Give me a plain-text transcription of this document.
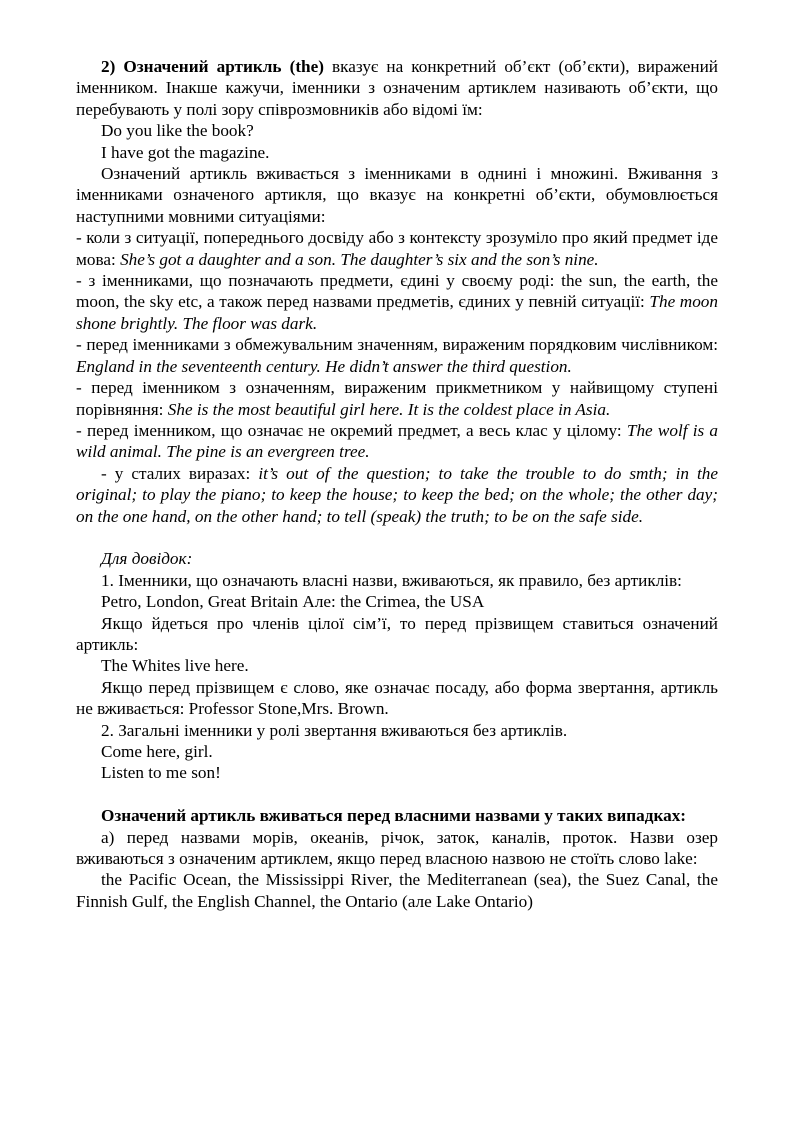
2) Означений артикль (the) вказує на конкретний об’єкт (об’єкти), виражений іменником. Інакше кажучи, іменники з означеним артиклем називають об’єкти, що перебувають у полі зору співрозмовників або відомі їм:

Do you like the book?

I have got the magazine.

Означений артикль вживається з іменниками в однині і множині. Вживання з іменниками означеного артикля, що вказує на конкретні об’єкти, обумовлюється наступними мовними ситуаціями:

- коли з ситуації, попереднього досвіду або з контексту зрозуміло про який предмет іде мова: She’s got a daughter and a son. The daughter’s six and the son’s nine.

- з іменниками, що позначають предмети, єдині у своєму роді: the sun, the earth, the moon, the sky etc, а також перед назвами предметів, єдиних у певній ситуації: The moon shone brightly. The floor was dark.

- перед іменниками з обмежувальним значенням, вираженим порядковим числівником: England in the seventeenth century. He didn’t answer the third question.

- перед іменником з означенням, вираженим прикметником у найвищому ступені порівняння: She is the most beautiful girl here. It is the coldest place in Asia.

- перед іменником, що означає не окремий предмет, а весь клас у цілому: The wolf is a wild animal. The pine is an evergreen tree.

- у сталих виразах: it’s out of the question; to take the trouble to do smth; in the original; to play the piano; to keep the house; to keep the bed; on the whole; the other day; on the one hand, on the other hand; to tell (speak) the truth; to be on the safe side.

Для довідок:

1. Іменники, що означають власні назви, вживаються, як правило, без артиклів:

Petro, London, Great Britain Але: the Crimea, the USA

Якщо йдеться про членів цілої сім’ї, то перед прізвищем ставиться означений артикль:

The Whites live here.

Якщо перед прізвищем є слово, яке означає посаду, або форма звертання, артикль не вживається: Professor Stone,Mrs. Brown.

2. Загальні іменники у ролі звертання вживаються без артиклів.

Come here, girl.

Listen to me son!

Означений артикль вживаться перед власними назвами у таких випадках:

а) перед назвами морів, океанів, річок, заток, каналів, проток. Назви озер вживаються з означеним артиклем, якщо перед власною назвою не стоїть слово lake:

the Pacific Ocean, the Mississippi River, the Mediterranean (sea), the Suez Canal, the Finnish Gulf, the English Channel, the Ontario (але Lake Ontario)
